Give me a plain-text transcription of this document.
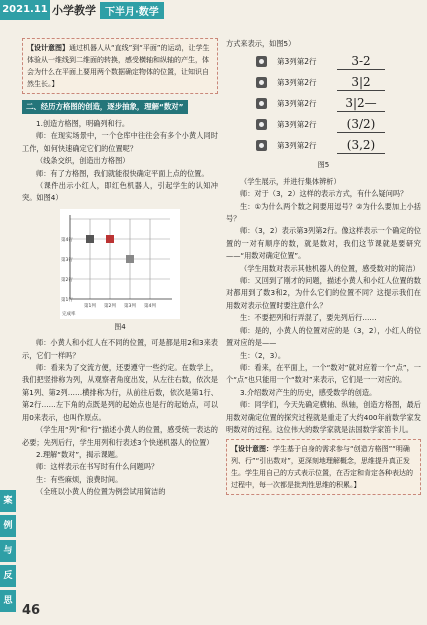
2021.11 小学教学 下半月·数学
【设计意图】通过机器人从“直线”到“平面”的运动，让学生体验从一维线到二维面的转换，感受横轴和纵轴的产生，体会为什么在平面上要用两个数据确定物体的位置，让知识自然生长。】
二、经历方格图的创造，逐步抽象，理解“数对”

1.创造方格图，明确列和行。

师：在现实场景中，一个仓库中往往会有多个小黄人同时工作，如何快速确定它们的位置呢？

（线条交织，创造出方格图）

师：有了方格图，我们就能很快确定平面上点的位置。

（课件出示小红人，即红色机器人，引起学生的认知冲突。如图4）

第4行
第3行
第2行
第1行
第1列 第2列 第3列 第4列
完成率
图4

师：小黄人和小红人在不同的位置，可是都是用2和3来表示，它们一样吗？

师：看来为了交流方便，还要遵守一些约定。在数学上，我们把竖排称为列，从观察者角度出发，从左往右数，依次是第1列、第2列……横排称为行，从前往后数，依次是第1行、第2行……左下角的点既是列的起始点也是行的起始点，可以用0来表示，也叫作原点。

（学生用“列”和“行”描述小黄人的位置，感受统一表达的必要；先列后行，学生用列和行表述3个快递机器人的位置）

2.理解“数对”，揭示课题。

师：这样表示在书写时有什么问题吗？

生：有些麻烦，浪费时间。

（全班以小黄人的位置为例尝试用简洁的

方式来表示，如图5）

第3列第2行	3-2
第3列第2行	3|2
第3列第2行	3|2—
第3列第2行	(3/2)
第3列第2行	(3,2)
图5

（学生展示，并进行集体辨析）

师：对于（3，2）这样的表示方式，有什么疑问吗？

生：①为什么两个数之间要用逗号？②为什么要加上小括号？

师：（3，2）表示第3列第2行。像这样表示一个确定的位置的一对有顺序的数，就是数对，我们这节课就是要研究——“用数对确定位置”。

（学生用数对表示其他机器人的位置，感受数对的简洁）

师：又回到了刚才的问题，描述小黄人和小红人位置的数对都用到了数3和2，为什么它们的位置不同？这提示我们在用数对表示位置时要注意什么？

生：不要把列和行弄混了，要先列后行……

师：是的，小黄人的位置对应的是（3，2），小红人的位置对应的是——

生：（2，3）。

师：看来，在平面上，一个“数对”就对应着一个“点”，一个“点”也只能用一个“数对”来表示，它们是一一对应的。

3.介绍数对产生的历史，感受数学的创造。

师：同学们，今天先确定横轴、纵轴，创造方格图，最后用数对确定位置的探究过程就是重走了大约400年前数学家发明数对的过程。这位伟大的数学家就是法国数学家笛卡儿。

【设计意图：学生基于自身的需求参与“创造方格图”“明确列、行”“引出数对”，更深刻地理解概念，思维提升真正发生。学生用自己的方式表示位置，在否定和肯定各种表达的过程中，每一次都是批判性思维的积累。】
案
例
与
反
思
46
